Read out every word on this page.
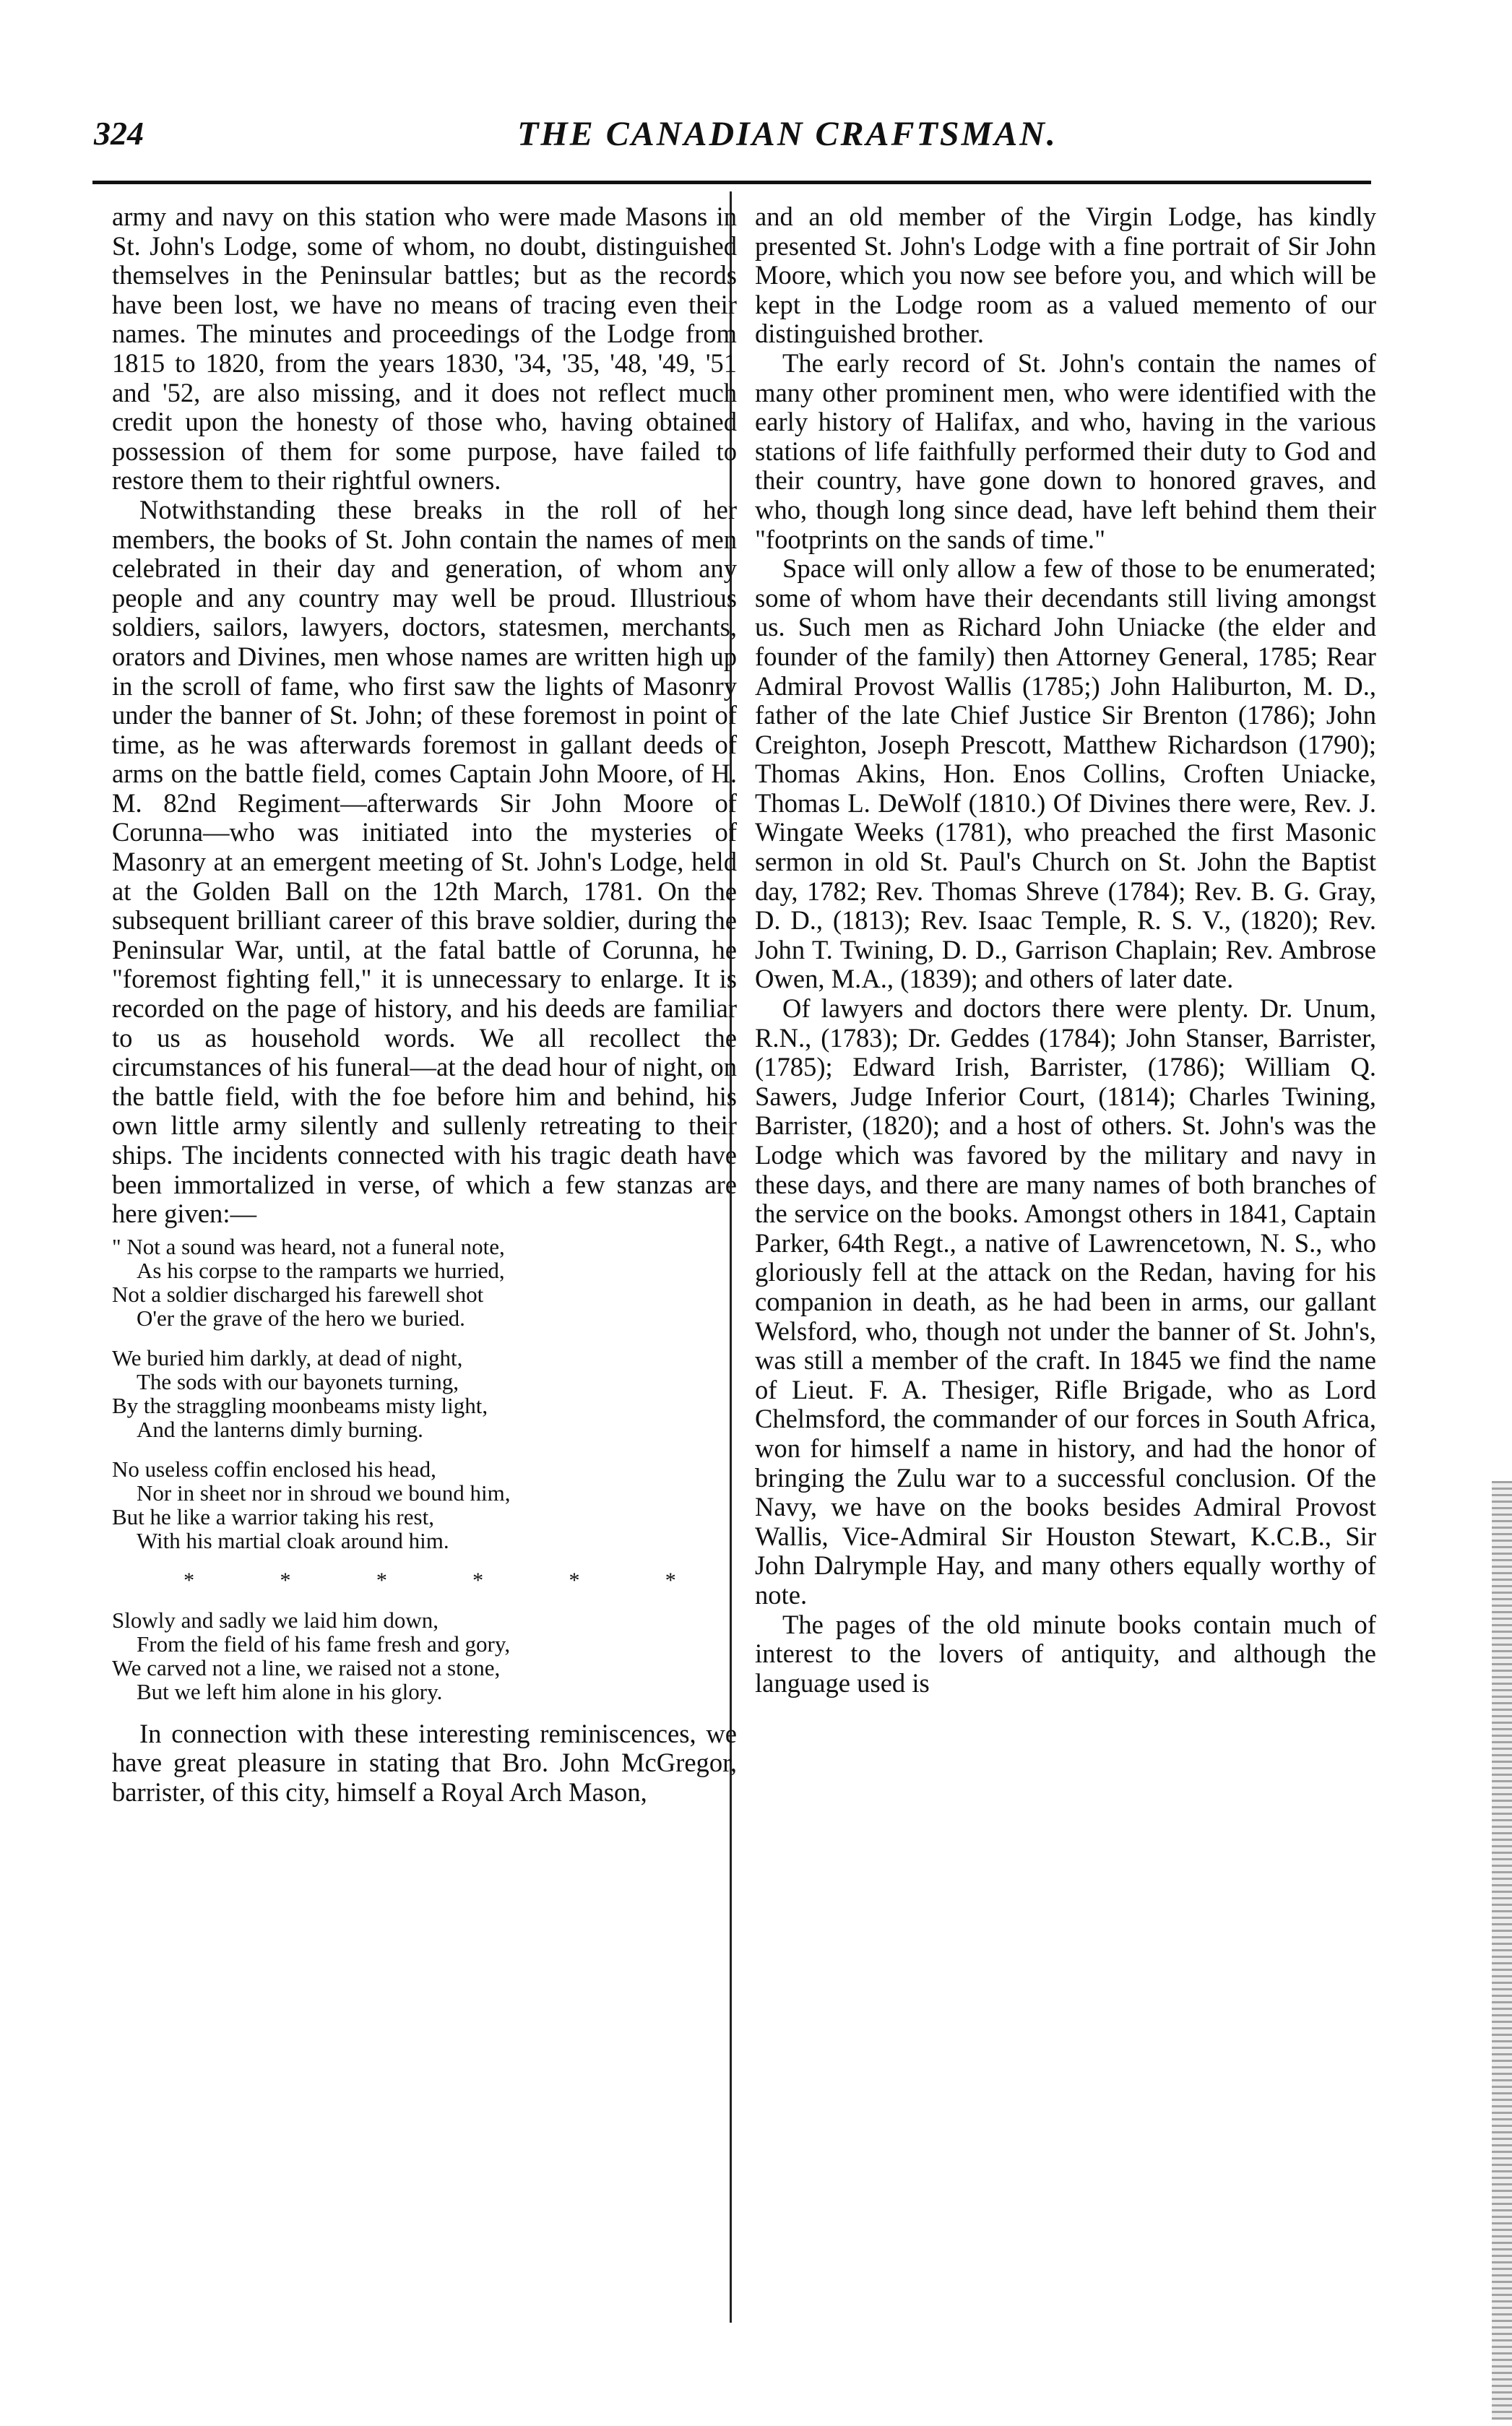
324	THE CANADIAN CRAFTSMAN.

army and navy on this station who were made Masons in St. John's Lodge, some of whom, no doubt, distinguished themselves in the Peninsular battles; but as the records have been lost, we have no means of tracing even their names. The minutes and proceedings of the Lodge from 1815 to 1820, from the years 1830, '34, '35, '48, '49, '51 and '52, are also missing, and it does not reflect much credit upon the honesty of those who, having obtained possession of them for some purpose, have failed to restore them to their rightful owners.

Notwithstanding these breaks in the roll of her members, the books of St. John contain the names of men celebrated in their day and generation, of whom any people and any country may well be proud. Illustrious soldiers, sailors, lawyers, doctors, statesmen, merchants, orators and Divines, men whose names are written high up in the scroll of fame, who first saw the lights of Masonry under the banner of St. John; of these foremost in point of time, as he was afterwards foremost in gallant deeds of arms on the battle field, comes Captain John Moore, of H. M. 82nd Regiment—afterwards Sir John Moore of Corunna—who was initiated into the mysteries of Masonry at an emergent meeting of St. John's Lodge, held at the Golden Ball on the 12th March, 1781. On the subsequent brilliant career of this brave soldier, during the Peninsular War, until, at the fatal battle of Corunna, he "foremost fighting fell," it is unnecessary to enlarge. It is recorded on the page of history, and his deeds are familiar to us as household words. We all recollect the circumstances of his funeral—at the dead hour of night, on the battle field, with the foe before him and behind, his own little army silently and sullenly retreating to their ships. The incidents connected with his tragic death have been immortalized in verse, of which a few stanzas are here given:—

" Not a sound was heard, not a funeral note,
As his corpse to the ramparts we hurried,
Not a soldier discharged his farewell shot
O'er the grave of the hero we buried.
We buried him darkly, at dead of night,
The sods with our bayonets turning,
By the straggling moonbeams misty light,
And the lanterns dimly burning.
No useless coffin enclosed his head,
Nor in sheet nor in shroud we bound him,
But he like a warrior taking his rest,
With his martial cloak around him.
*	*	*	*	*	*
Slowly and sadly we laid him down,
From the field of his fame fresh and gory,
We carved not a line, we raised not a stone,
But we left him alone in his glory.

In connection with these interesting reminiscences, we have great pleasure in stating that Bro. John McGregor, barrister, of this city, himself a Royal Arch Mason,

and an old member of the Virgin Lodge, has kindly presented St. John's Lodge with a fine portrait of Sir John Moore, which you now see before you, and which will be kept in the Lodge room as a valued memento of our distinguished brother.

The early record of St. John's contain the names of many other prominent men, who were identified with the early history of Halifax, and who, having in the various stations of life faithfully performed their duty to God and their country, have gone down to honored graves, and who, though long since dead, have left behind them their "footprints on the sands of time."

Space will only allow a few of those to be enumerated; some of whom have their decendants still living amongst us. Such men as Richard John Uniacke (the elder and founder of the family) then Attorney General, 1785; Rear Admiral Provost Wallis (1785;) John Haliburton, M. D., father of the late Chief Justice Sir Brenton (1786); John Creighton, Joseph Prescott, Matthew Richardson (1790); Thomas Akins, Hon. Enos Collins, Croften Uniacke, Thomas L. DeWolf (1810.) Of Divines there were, Rev. J. Wingate Weeks (1781), who preached the first Masonic sermon in old St. Paul's Church on St. John the Baptist day, 1782; Rev. Thomas Shreve (1784); Rev. B. G. Gray, D. D., (1813); Rev. Isaac Temple, R. S. V., (1820); Rev. John T. Twining, D. D., Garrison Chaplain; Rev. Ambrose Owen, M.A., (1839); and others of later date.

Of lawyers and doctors there were plenty. Dr. Unum, R.N., (1783); Dr. Geddes (1784); John Stanser, Barrister, (1785); Edward Irish, Barrister, (1786); William Q. Sawers, Judge Inferior Court, (1814); Charles Twining, Barrister, (1820); and a host of others. St. John's was the Lodge which was favored by the military and navy in these days, and there are many names of both branches of the service on the books. Amongst others in 1841, Captain Parker, 64th Regt., a native of Lawrencetown, N. S., who gloriously fell at the attack on the Redan, having for his companion in death, as he had been in arms, our gallant Welsford, who, though not under the banner of St. John's, was still a member of the craft. In 1845 we find the name of Lieut. F. A. Thesiger, Rifle Brigade, who as Lord Chelmsford, the commander of our forces in South Africa, won for himself a name in history, and had the honor of bringing the Zulu war to a successful conclusion. Of the Navy, we have on the books besides Admiral Provost Wallis, Vice-Admiral Sir Houston Stewart, K.C.B., Sir John Dalrymple Hay, and many others equally worthy of note.

The pages of the old minute books contain much of interest to the lovers of antiquity, and although the language used is
